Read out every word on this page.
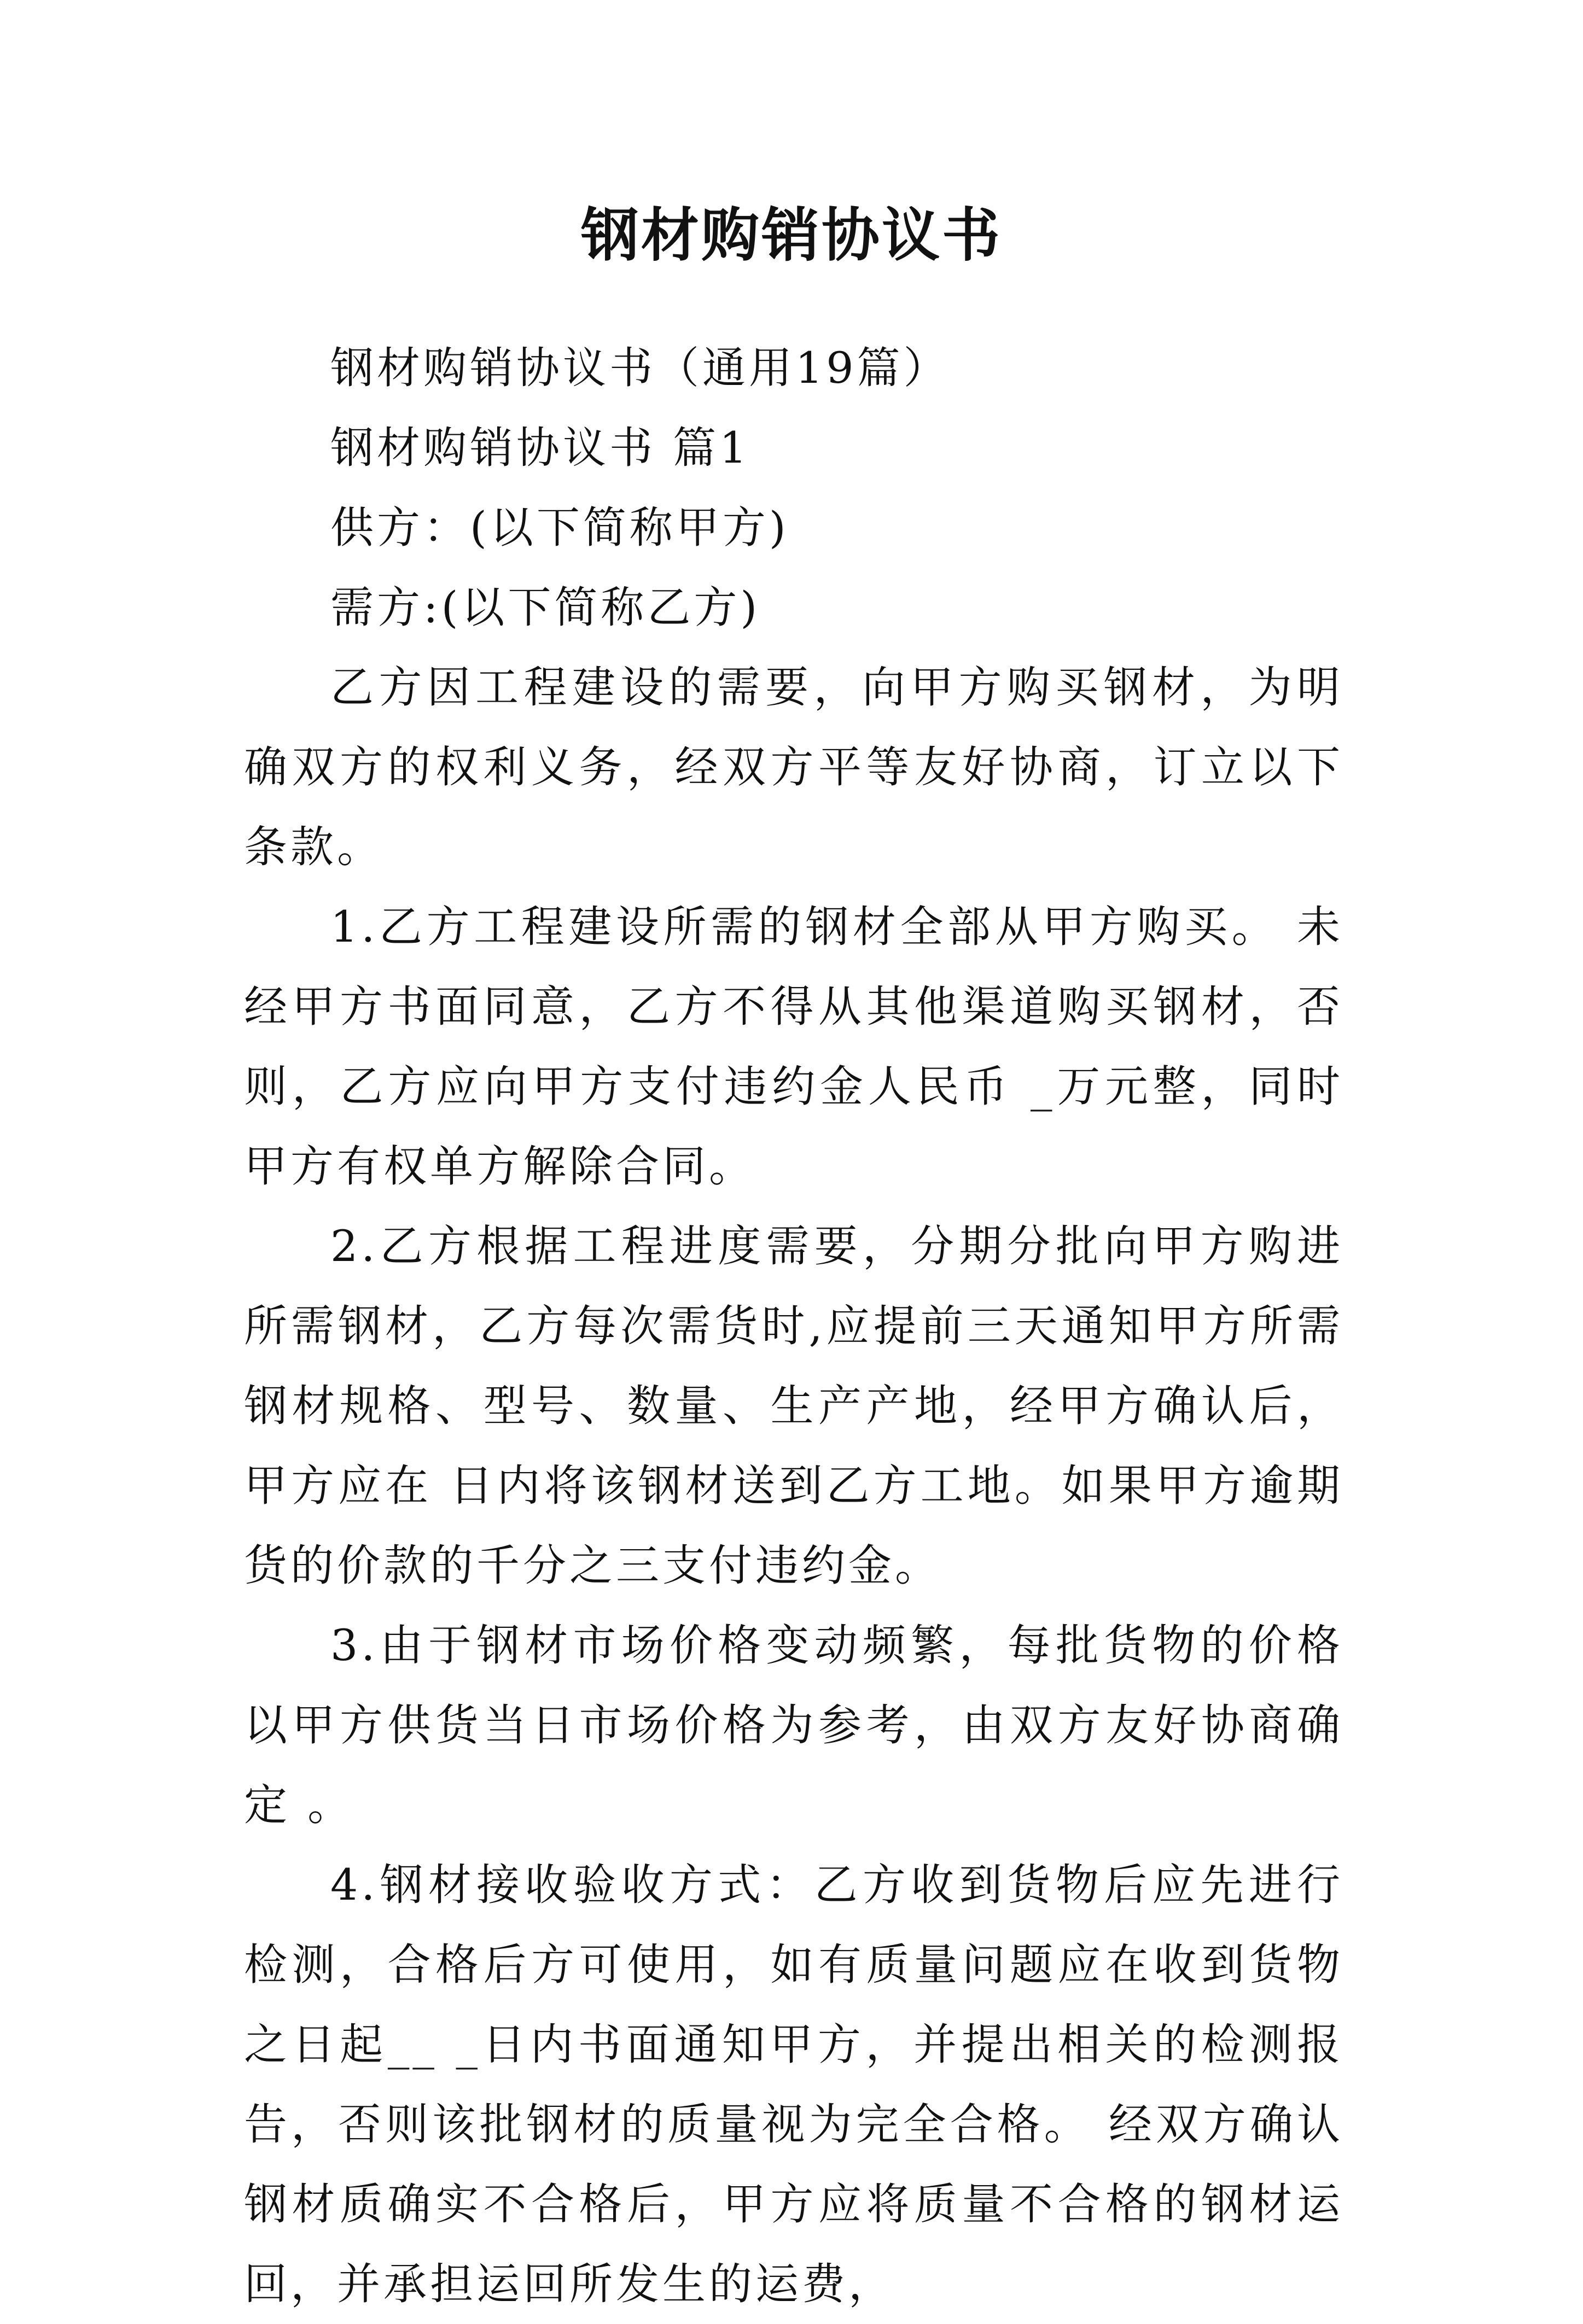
钢材购销协议书

钢材购销协议书（通用19篇）

钢材购销协议书 篇1

供方：(以下简称甲方)

需方:(以下简称乙方)

乙方因工程建设的需要，向甲方购买钢材，为明确双方的权利义务，经双方平等友好协商，订立以下条款。

1.乙方工程建设所需的钢材全部从甲方购买。 未经甲方书面同意，乙方不得从其他渠道购买钢材，否则，乙方应向甲方支付违约金人民币 _万元整，同时甲方有权单方解除合同。

2.乙方根据工程进度需要，分期分批向甲方购进所需钢材，乙方每次需货时,应提前三天通知甲方所需钢材规格、型号、数量、生产产地，经甲方确认后，甲方应在 日内将该钢材送到乙方工地。如果甲方逾期货的价款的千分之三支付违约金。

3.由于钢材市场价格变动频繁，每批货物的价格以甲方供货当日市场价格为参考，由双方友好协商确定 。

4.钢材接收验收方式：乙方收到货物后应先进行检测，合格后方可使用，如有质量问题应在收到货物之日起__ _日内书面通知甲方，并提出相关的检测报告，否则该批钢材的质量视为完全合格。 经双方确认钢材质确实不合格后，甲方应将质量不合格的钢材运回，并承担运回所发生的运费，
